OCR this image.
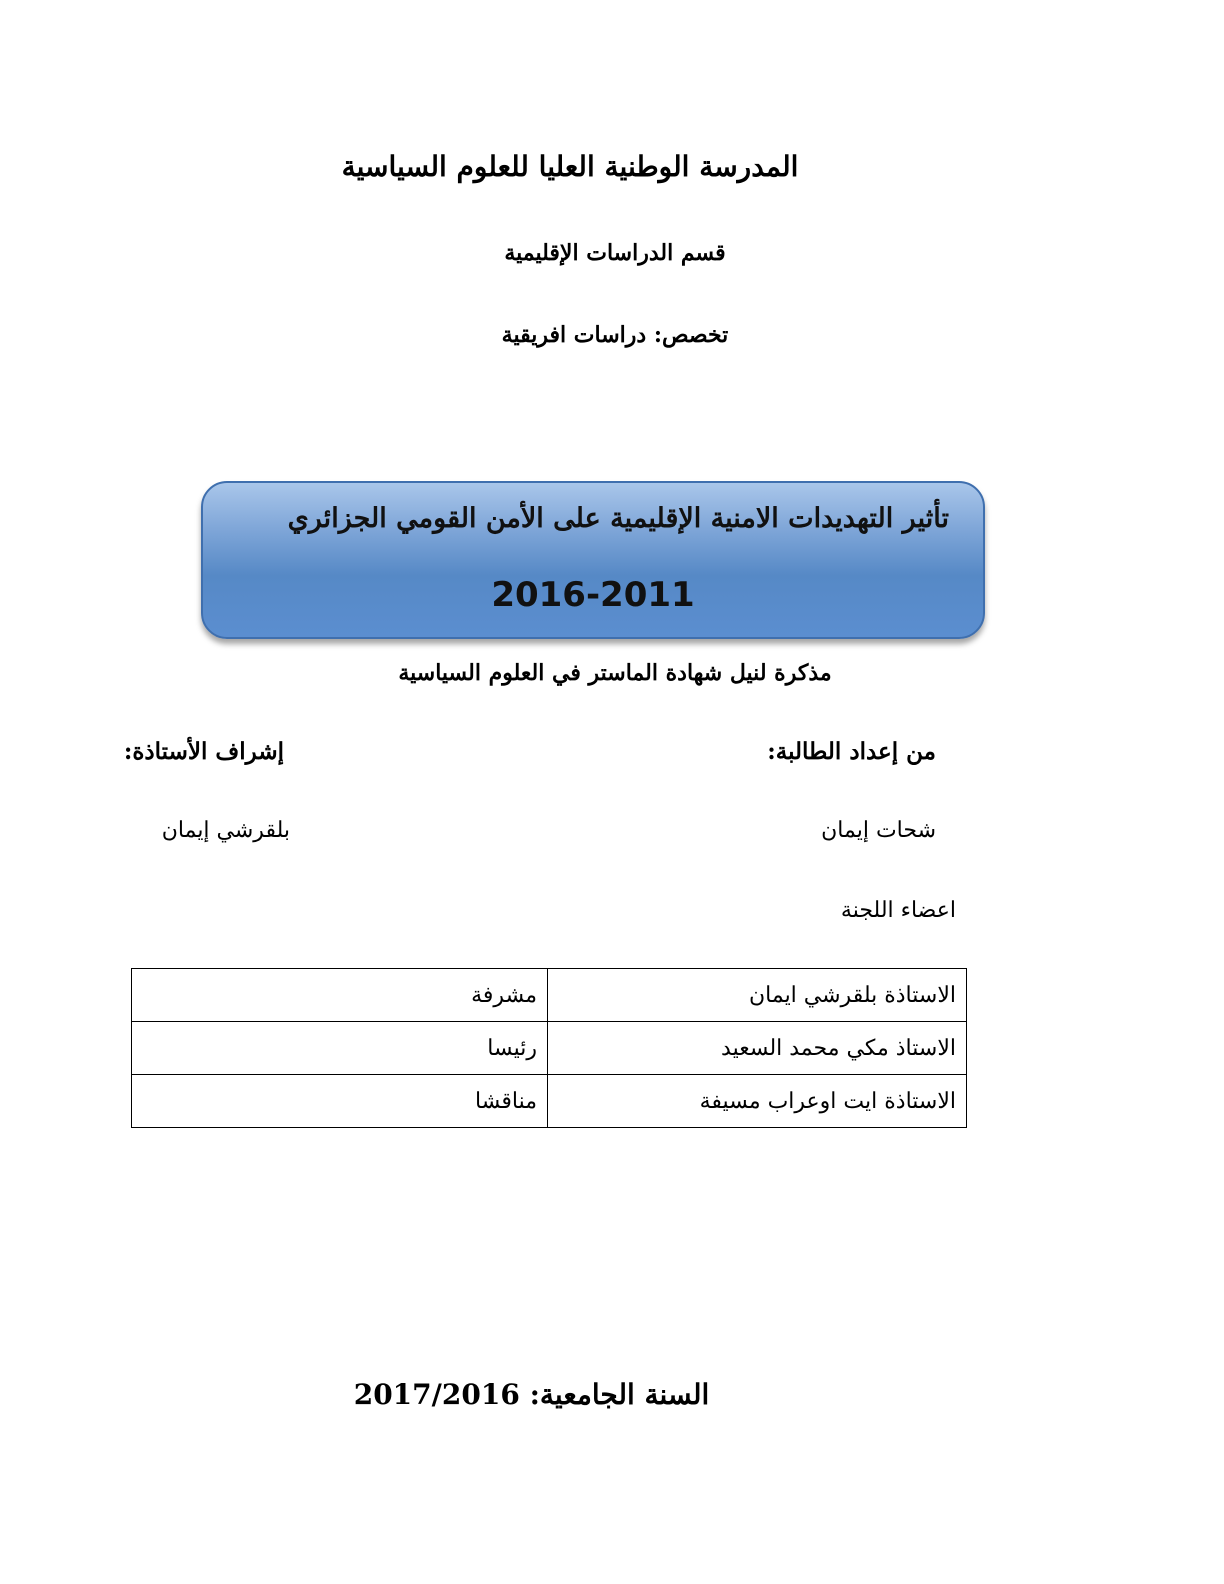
المدرسة الوطنية العليا للعلوم السياسية
قسم الدراسات الإقليمية
تخصص: دراسات افريقية
تأثير التهديدات الامنية الإقليمية على الأمن القومي الجزائري
2016-2011
مذكرة لنيل شهادة الماستر في العلوم السياسية
من إعداد الطالبة:
إشراف الأستاذة:
شحات إيمان
بلقرشي إيمان
اعضاء اللجنة
الاستاذة بلقرشي ايمان	مشرفة
الاستاذ مكي محمد السعيد	رئيسا
الاستاذة ايت اوعراب مسيفة	مناقشا
السنة الجامعية: 2017/2016
